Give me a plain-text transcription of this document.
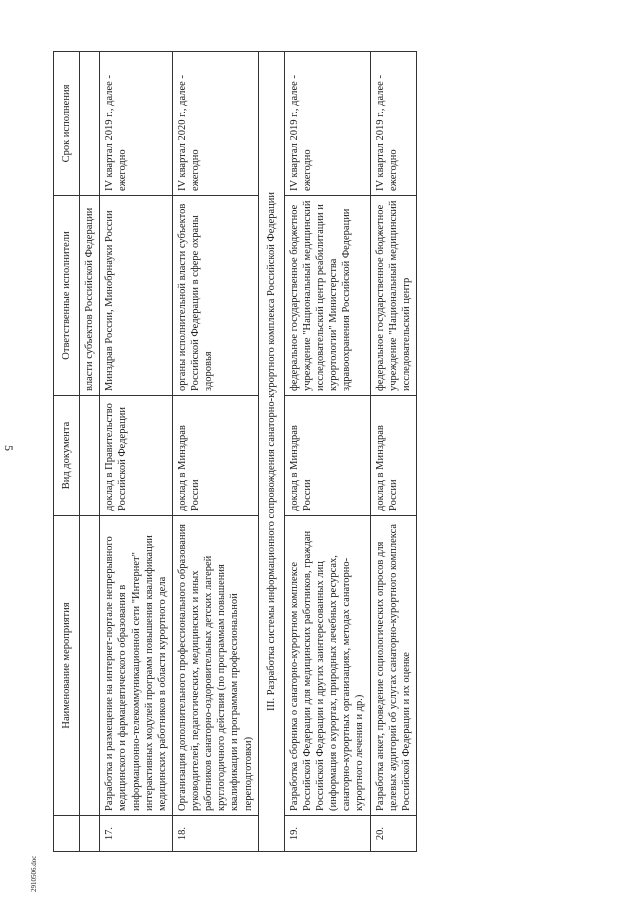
5
	Наименование мероприятия	Вид документа	Ответственные исполнители	Срок исполнения
			власти субъектов Российской Федерации	
17.	Разработка и размещение на интернет-портале непрерывного медицинского и фармацевтического образования в информационно-телекоммуникационной сети "Интернет" интерактивных модулей программ повышения квалификации медицинских работников в области курортного дела	доклад в Правительство Российской Федерации	Минздрав России, Минобрнауки России	IV квартал 2019 г., далее - ежегодно
18.	Организация дополнительного профессионального образования руководителей, педагогических, медицинских и иных работников санаторно-оздоровительных детских лагерей круглогодичного действия (по программам повышения квалификации и программам профессиональной переподготовки)	доклад в Минздрав России	органы исполнительной власти субъектов Российской Федерации в сфере охраны здоровья	IV квартал 2020 г., далее - ежегодно
III. Разработка системы информационного сопровождения санаторно-курортного комплекса Российской Федерации				
19.	Разработка сборника о санаторно-курортном комплексе Российской Федерации для медицинских работников, граждан Российской Федерации и других заинтересованных лиц (информация о курортах, природных лечебных ресурсах, санаторно-курортных организациях, методах санаторно-курортного лечения и др.)	доклад в Минздрав России	федеральное государственное бюджетное учреждение "Национальный медицинский исследовательский центр реабилитации и курортологии" Министерства здравоохранения Российской Федерации	IV квартал 2019 г., далее - ежегодно
20.	Разработка анкет, проведение социологических опросов для целевых аудиторий об услугах санаторно-курортного комплекса Российской Федерации и их оценке	доклад в Минздрав России	федеральное государственное бюджетное учреждение "Национальный медицинский исследовательский центр	IV квартал 2019 г., далее - ежегодно
2910506.doc
